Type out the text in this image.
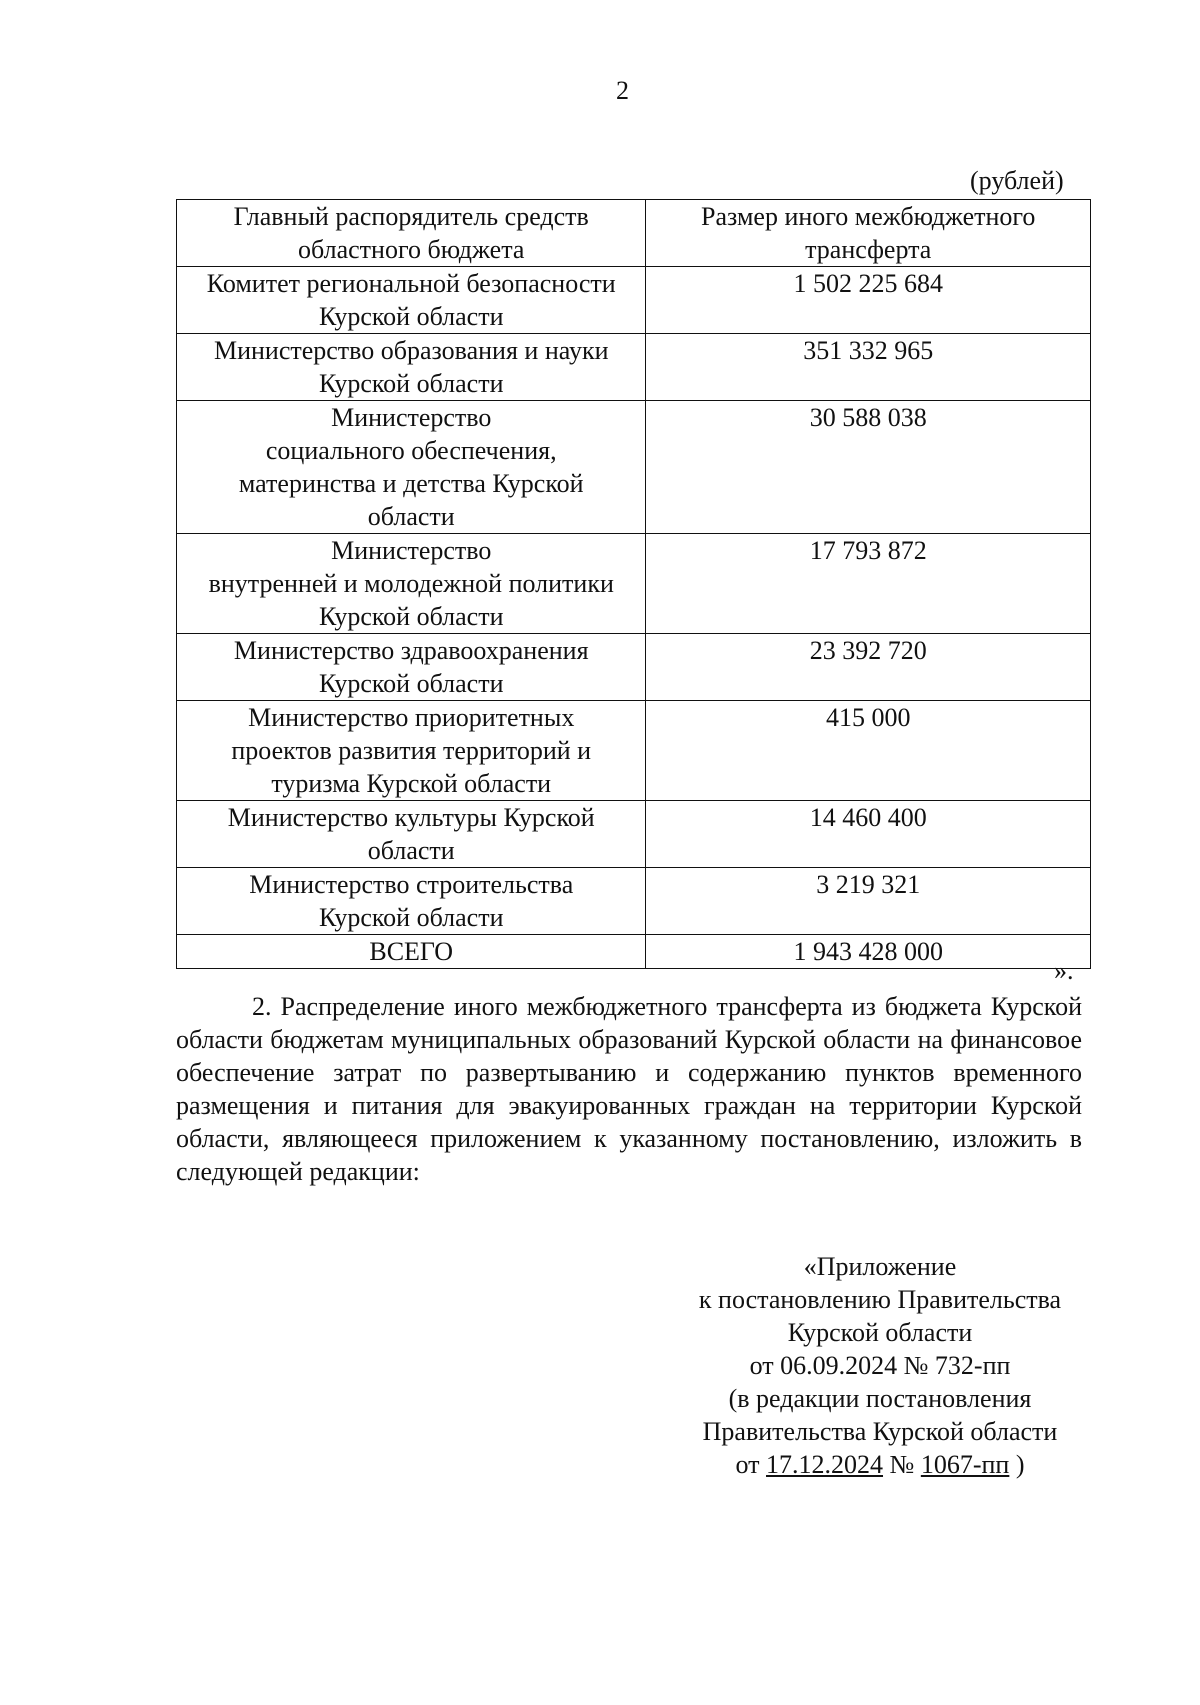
2
(рублей)
Главный распорядитель средств
областного бюджета	Размер иного межбюджетного
трансферта

Комитет региональной безопасности
Курской области	1 502 225 684

Министерство образования и науки
Курской области	351 332 965

Министерство
социального обеспечения,
материнства и детства Курской
области	30 588 038

Министерство
внутренней и молодежной политики
Курской области	17 793 872

Министерство здравоохранения
Курской области	23 392 720

Министерство приоритетных
проектов развития территорий и
туризма Курской области	415 000

Министерство культуры Курской
области	14 460 400

Министерство строительства
Курской области	3 219 321
ВСЕГО	1 943 428 000
».

2. Распределение иного межбюджетного трансферта из бюджета Курской области бюджетам муниципальных образований Курской области на финансовое обеспечение затрат по развертыванию и содержанию пунктов временного размещения и питания для эвакуированных граждан на территории Курской области, являющееся приложением к указанному постановлению, изложить в следующей редакции:

«Приложение
к постановлению Правительства
Курской области
от 06.09.2024 № 732-пп
(в редакции постановления
Правительства Курской области
от 17.12.2024 № 1067-пп )
